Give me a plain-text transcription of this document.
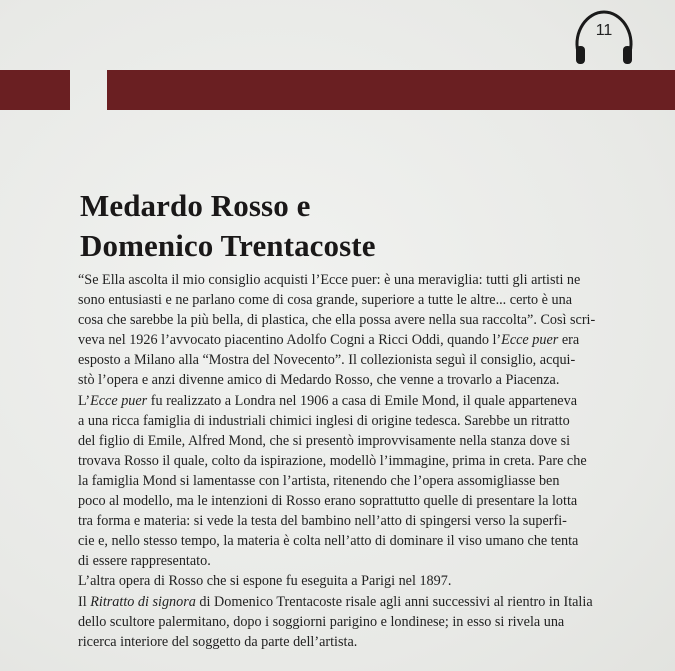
11
Medardo Rosso e
Domenico Trentacoste
“Se Ella ascolta il mio consiglio acquisti l’Ecce puer: è una meraviglia: tutti gli artisti ne
sono entusiasti e ne parlano come di cosa grande, superiore a tutte le altre... certo è una
cosa che sarebbe la più bella, di plastica, che ella possa avere nella sua raccolta”. Così scri-
veva nel 1926 l’avvocato piacentino Adolfo Cogni a Ricci Oddi, quando l’Ecce puer era
esposto a Milano alla “Mostra del Novecento”. Il collezionista seguì il consiglio, acqui-
stò l’opera e anzi divenne amico di Medardo Rosso, che venne a trovarlo a Piacenza.
L’Ecce puer fu realizzato a Londra nel 1906 a casa di Emile Mond, il quale apparteneva
a una ricca famiglia di industriali chimici inglesi di origine tedesca. Sarebbe un ritratto
del figlio di Emile, Alfred Mond, che si presentò improvvisamente nella stanza dove si
trovava Rosso il quale, colto da ispirazione, modellò l’immagine, prima in creta. Pare che
la famiglia Mond si lamentasse con l’artista, ritenendo che l’opera assomigliasse ben
poco al modello, ma le intenzioni di Rosso erano soprattutto quelle di presentare la lotta
tra forma e materia: si vede la testa del bambino nell’atto di spingersi verso la superfi-
cie e, nello stesso tempo, la materia è colta nell’atto di dominare il viso umano che tenta
di essere rappresentato.
L’altra opera di Rosso che si espone fu eseguita a Parigi nel 1897.
Il Ritratto di signora di Domenico Trentacoste risale agli anni successivi al rientro in Italia
dello scultore palermitano, dopo i soggiorni parigino e londinese; in esso si rivela una
ricerca interiore del soggetto da parte dell’artista.
